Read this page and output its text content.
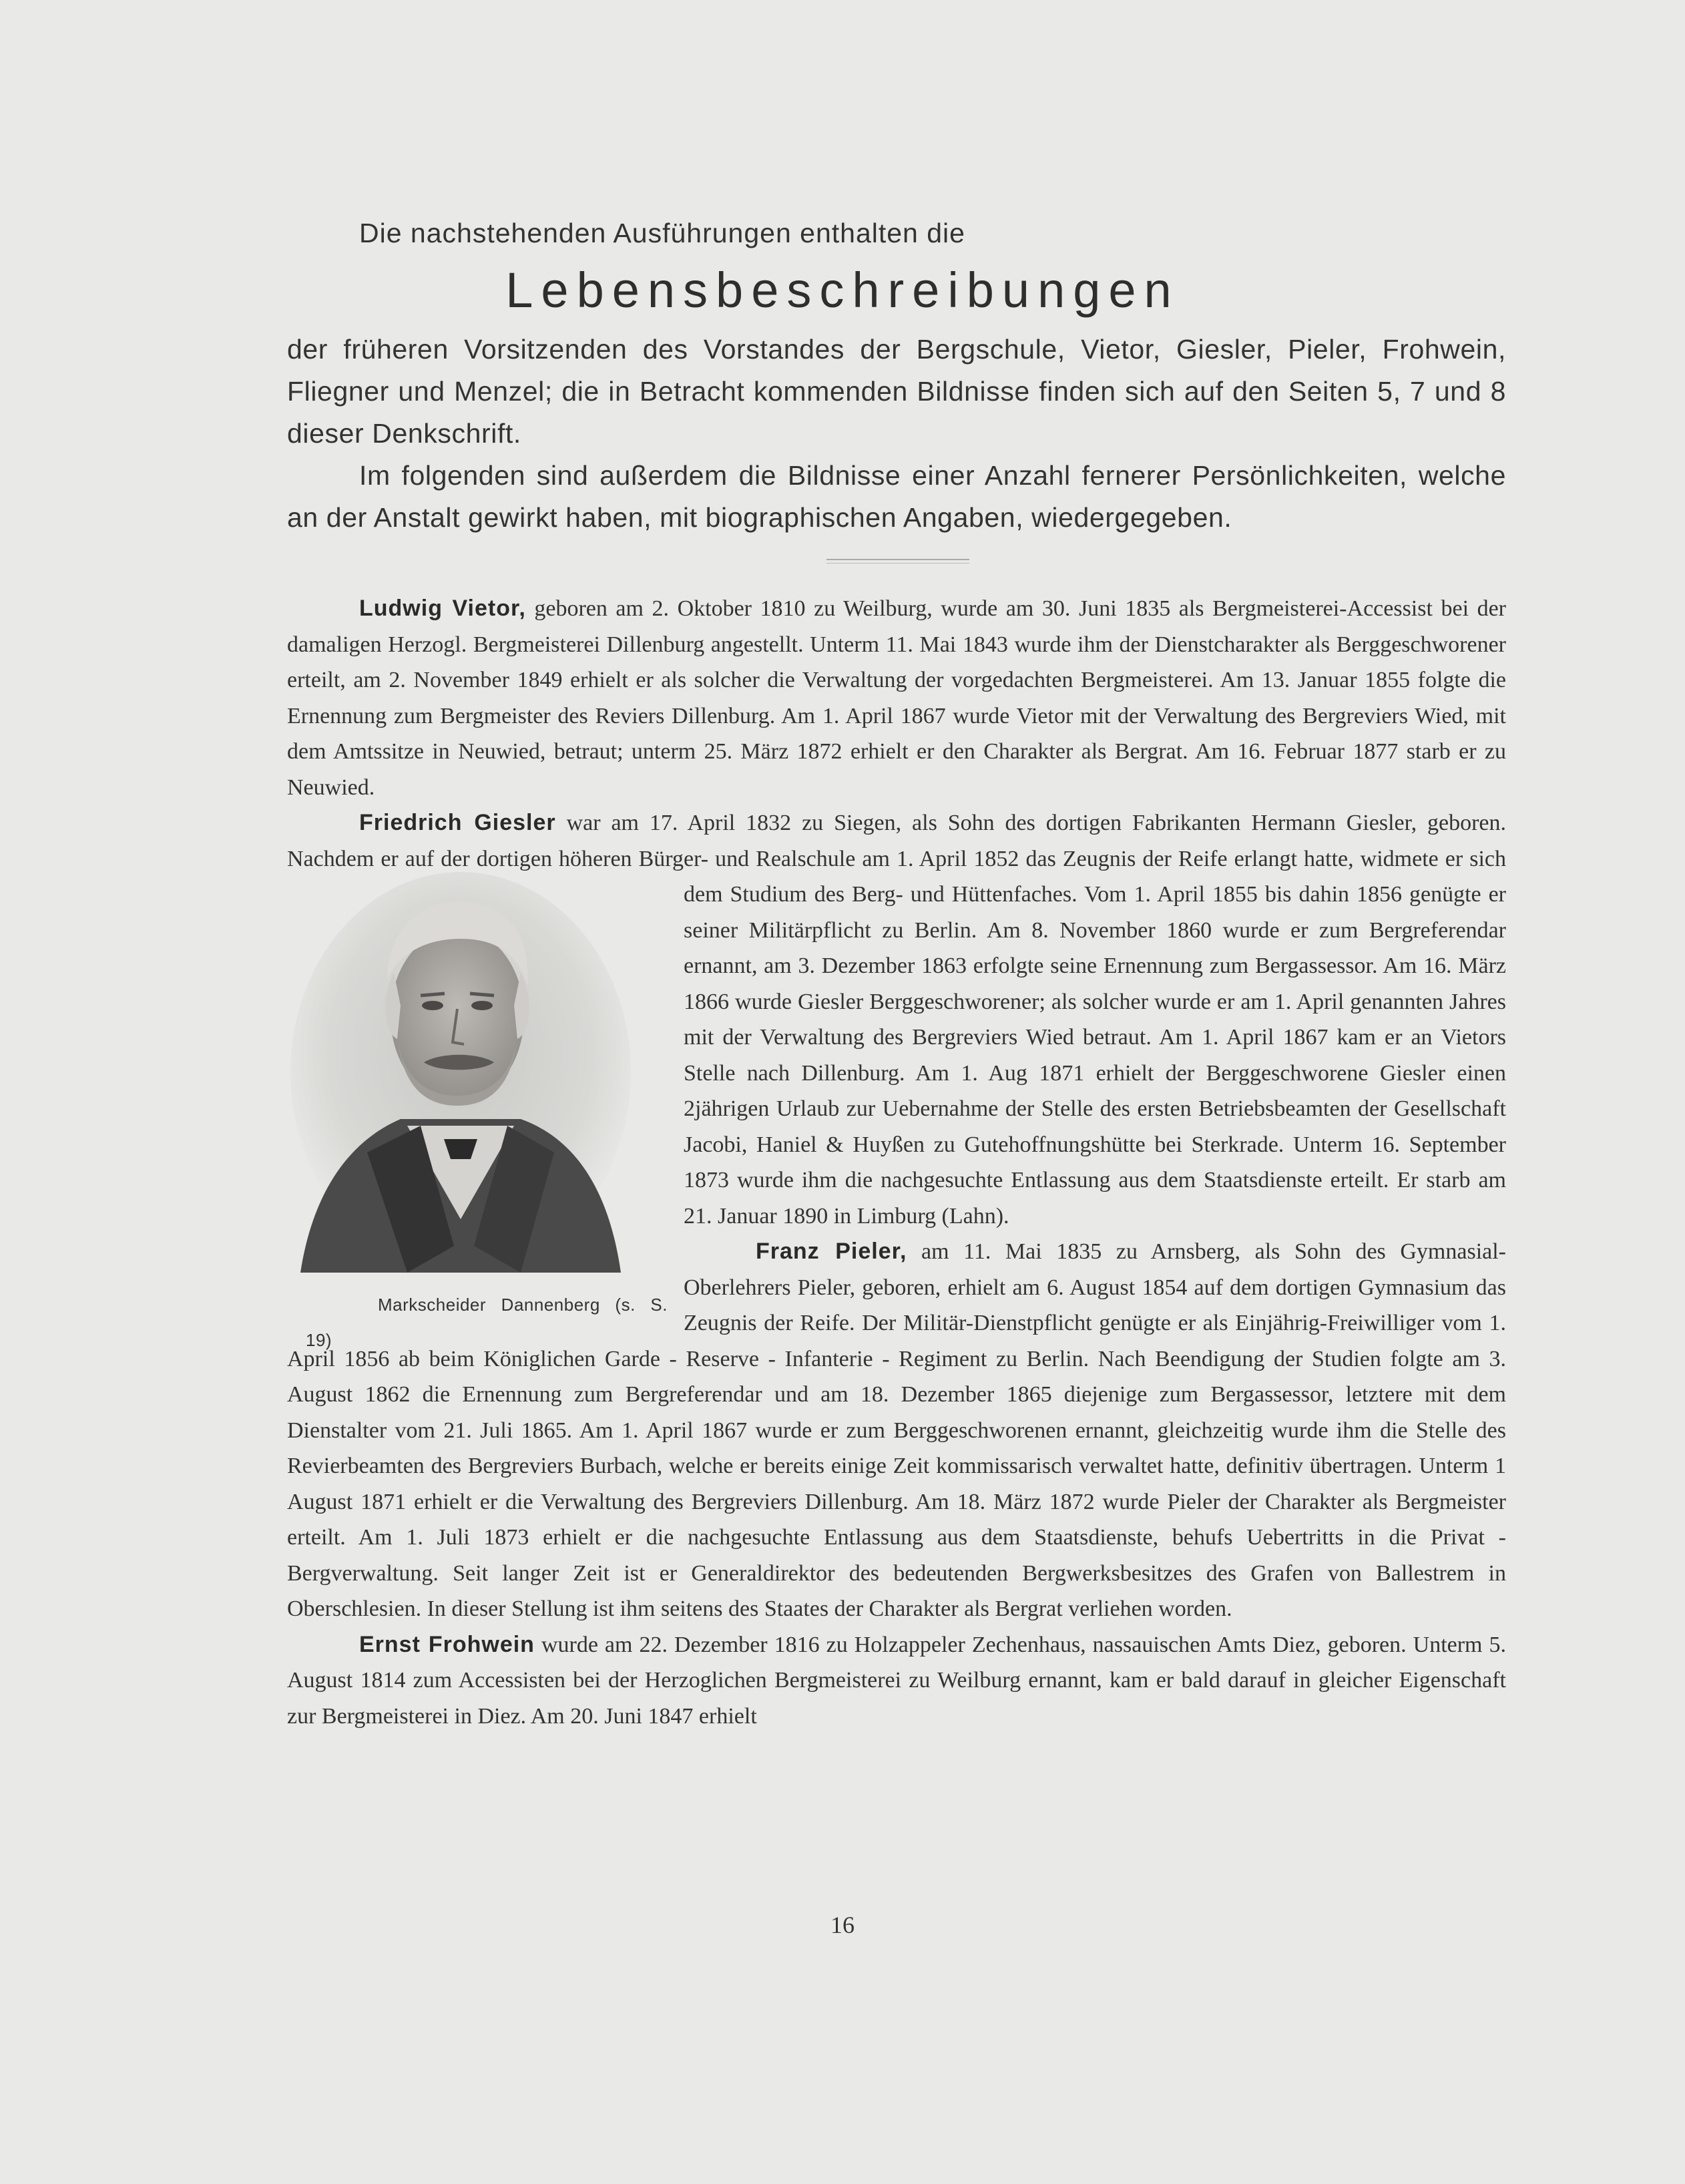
Die nachstehenden Ausführungen enthalten die
Lebensbeschreibungen

der früheren Vorsitzenden des Vorstandes der Bergschule, Vietor, Giesler, Pieler, Frohwein, Fliegner und Menzel; die in Betracht kommenden Bildnisse finden sich auf den Seiten 5, 7 und 8 dieser Denkschrift.

Im folgenden sind außerdem die Bildnisse einer Anzahl fernerer Persönlichkeiten, welche an der Anstalt gewirkt haben, mit biographischen Angaben, wiedergegeben.

Ludwig Vietor, geboren am 2. Oktober 1810 zu Weilburg, wurde am 30. Juni 1835 als Bergmeisterei-Accessist bei der damaligen Herzogl. Bergmeisterei Dillenburg angestellt. Unterm 11. Mai 1843 wurde ihm der Dienstcharakter als Berggeschworener erteilt, am 2. November 1849 erhielt er als solcher die Verwaltung der vorgedachten Bergmeisterei. Am 13. Januar 1855 folgte die Ernennung zum Bergmeister des Reviers Dillenburg. Am 1. April 1867 wurde Vietor mit der Verwaltung des Bergreviers Wied, mit dem Amtssitze in Neuwied, betraut; unterm 25. März 1872 erhielt er den Charakter als Bergrat. Am 16. Februar 1877 starb er zu Neuwied.

Friedrich Giesler war am 17. April 1832 zu Siegen, als Sohn des dortigen Fabrikanten Hermann Giesler, geboren. Nachdem er auf der dortigen höheren Bürger- und Realschule am 1. April 1852 das
Markscheider Dannenberg (s. S. 19)
Zeugnis der Reife erlangt hatte, widmete er sich dem Studium des Berg- und Hüttenfaches. Vom 1. April 1855 bis dahin 1856 genügte er seiner Militärpflicht zu Berlin. Am 8. November 1860 wurde er zum Bergreferendar ernannt, am 3. Dezember 1863 erfolgte seine Ernennung zum Bergassessor. Am 16. März 1866 wurde Giesler Berggeschworener; als solcher wurde er am 1. April genannten Jahres mit der Verwaltung des Bergreviers Wied betraut. Am 1. April 1867 kam er an Vietors Stelle nach Dillenburg. Am 1. Aug 1871 erhielt der Berggeschworene Giesler einen 2jährigen Urlaub zur Uebernahme der Stelle des ersten Betriebsbeamten der Gesellschaft Jacobi, Haniel & Huyßen zu Gutehoffnungshütte bei Sterkrade. Unterm 16. September 1873 wurde ihm die nachgesuchte Entlassung aus dem Staatsdienste erteilt. Er starb am 21. Januar 1890 in Limburg (Lahn).

Franz Pieler, am 11. Mai 1835 zu Arnsberg, als Sohn des Gymnasial-Oberlehrers Pieler, geboren, erhielt am 6. August 1854 auf dem dortigen Gymnasium das Zeugnis der Reife. Der Militär-Dienstpflicht genügte er als Einjährig-Freiwilliger vom 1. April 1856 ab beim Königlichen Garde - Reserve - Infanterie - Regiment zu Berlin. Nach Beendigung der Studien folgte am 3. August 1862 die Ernennung zum Bergreferendar und am 18. Dezember 1865 diejenige zum Bergassessor, letztere mit dem Dienstalter vom 21. Juli 1865. Am 1. April 1867 wurde er zum Berggeschworenen ernannt, gleichzeitig wurde ihm die Stelle des Revierbeamten des Bergreviers Burbach, welche er bereits einige Zeit kommissarisch verwaltet hatte, definitiv übertragen. Unterm 1 August 1871 erhielt er die Verwaltung des Bergreviers Dillenburg. Am 18. März 1872 wurde Pieler der Charakter als Bergmeister erteilt. Am 1. Juli 1873 erhielt er die nachgesuchte Entlassung aus dem Staatsdienste, behufs Uebertritts in die Privat - Bergverwaltung. Seit langer Zeit ist er Generaldirektor des bedeutenden Bergwerksbesitzes des Grafen von Ballestrem in Oberschlesien. In dieser Stellung ist ihm seitens des Staates der Charakter als Bergrat verliehen worden.

Ernst Frohwein wurde am 22. Dezember 1816 zu Holzappeler Zechenhaus, nassauischen Amts Diez, geboren. Unterm 5. August 1814 zum Accessisten bei der Herzoglichen Bergmeisterei zu Weilburg ernannt, kam er bald darauf in gleicher Eigenschaft zur Bergmeisterei in Diez. Am 20. Juni 1847 erhielt

16
